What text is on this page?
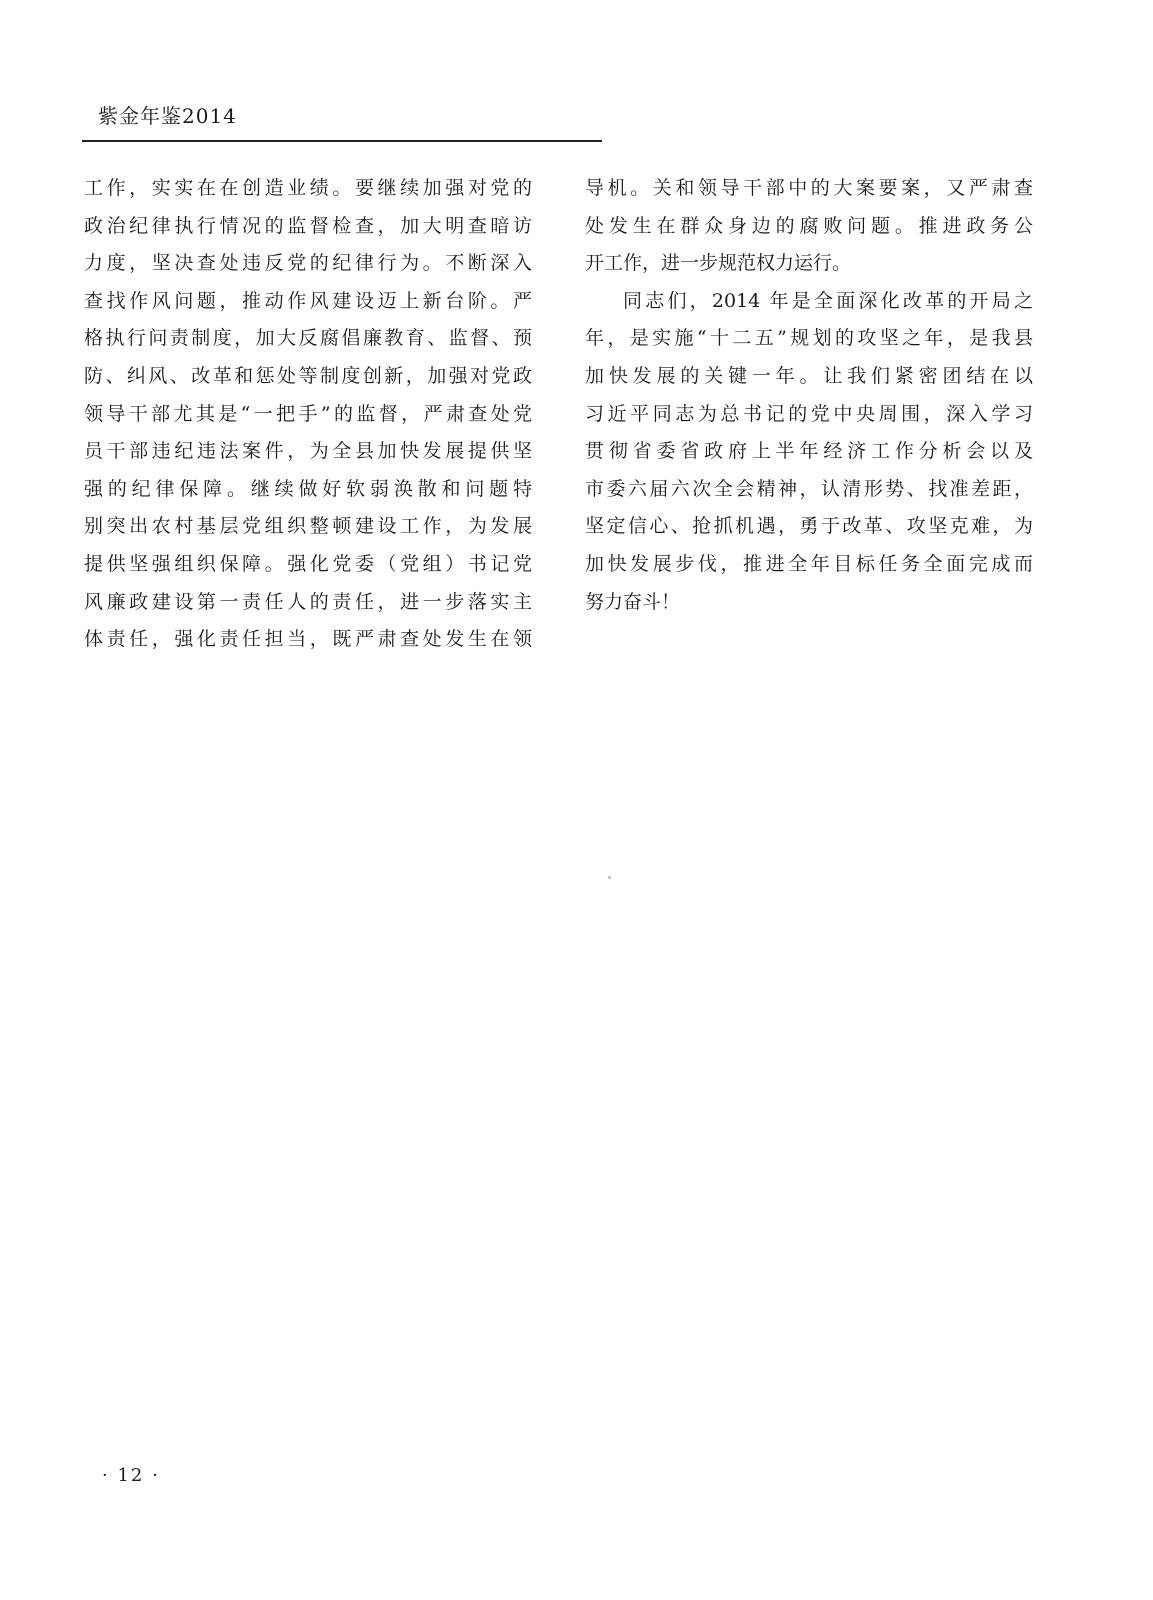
紫金年鉴2014
工作，实实在在创造业绩。要继续加强对党的
政治纪律执行情况的监督检查，加大明查暗访
力度，坚决查处违反党的纪律行为。不断深入
查找作风问题，推动作风建设迈上新台阶。严
格执行问责制度，加大反腐倡廉教育、监督、预
防、纠风、改革和惩处等制度创新，加强对党政
领导干部尤其是“一把手”的监督，严肃查处党
员干部违纪违法案件，为全县加快发展提供坚
强的纪律保障。继续做好软弱涣散和问题特
别突出农村基层党组织整顿建设工作，为发展
提供坚强组织保障。强化党委（党组）书记党
风廉政建设第一责任人的责任，进一步落实主
体责任，强化责任担当，既严肃查处发生在领
导机。关和领导干部中的大案要案，又严肃查
处发生在群众身边的腐败问题。推进政务公
开工作，进一步规范权力运行。
同志们，2014 年是全面深化改革的开局之
年，是实施“十二五”规划的攻坚之年，是我县
加快发展的关键一年。让我们紧密团结在以
习近平同志为总书记的党中央周围，深入学习
贯彻省委省政府上半年经济工作分析会以及
市委六届六次全会精神，认清形势、找准差距，
坚定信心、抢抓机遇，勇于改革、攻坚克难，为
加快发展步伐，推进全年目标任务全面完成而
努力奋斗！
· 12 ·
